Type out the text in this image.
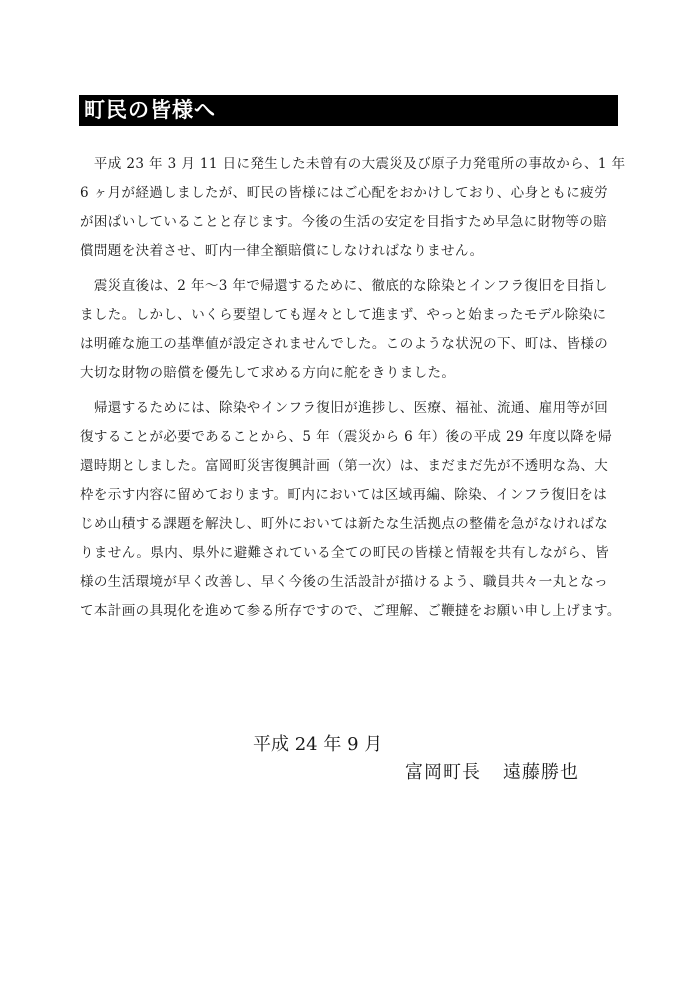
町民の皆様へ

　平成 23 年 3 月 11 日に発生した未曾有の大震災及び原子力発電所の事故から、1 年
6 ヶ月が経過しましたが、町民の皆様にはご心配をおかけしており、心身ともに疲労
が困ぱいしていることと存じます。今後の生活の安定を目指すため早急に財物等の賠
償問題を決着させ、町内一律全額賠償にしなければなりません。

　震災直後は、2 年～3 年で帰還するために、徹底的な除染とインフラ復旧を目指し
ました。しかし、いくら要望しても遅々として進まず、やっと始まったモデル除染に
は明確な施工の基準値が設定されませんでした。このような状況の下、町は、皆様の
大切な財物の賠償を優先して求める方向に舵をきりました。

　帰還するためには、除染やインフラ復旧が進捗し、医療、福祉、流通、雇用等が回
復することが必要であることから、5 年（震災から 6 年）後の平成 29 年度以降を帰
還時期としました。富岡町災害復興計画（第一次）は、まだまだ先が不透明な為、大
枠を示す内容に留めております。町内においては区域再編、除染、インフラ復旧をは
じめ山積する課題を解決し、町外においては新たな生活拠点の整備を急がなければな
りません。県内、県外に避難されている全ての町民の皆様と情報を共有しながら、皆
様の生活環境が早く改善し、早く今後の生活設計が描けるよう、職員共々一丸となっ
て本計画の具現化を進めて参る所存ですので、ご理解、ご鞭撻をお願い申し上げます。

平成 24 年 9 月
富岡町長 遠藤勝也
